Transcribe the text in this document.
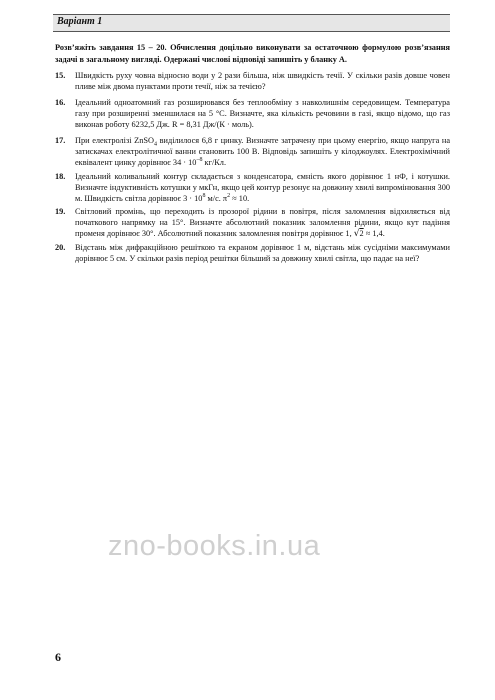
Варіант 1
Розв’яжіть завдання 15 – 20. Обчислення доцільно виконувати за остаточною формулою розв’язання задачі в загальному вигляді. Одержані числові відповіді запишіть у бланку А.
15.	Швидкість руху човна відносно води у 2 рази більша, ніж швидкість течії. У скільки разів довше човен пливе між двома пунктами проти течії, ніж за течією?
16.	Ідеальний одноатомний газ розширювався без теплообміну з навколишнім середовищем. Температура газу при розширенні зменшилася на 5 °С. Визначте, яка кількість речовини в газі, якщо відомо, що газ виконав роботу 6232,5 Дж. R = 8,31 Дж/(К · моль).
17.	При електролізі ZnSO$_4$ виділилося 6,8 г цинку. Визначте затрачену при цьому енергію, якщо напруга на затискачах електролітичної ванни становить 100 В. Відповідь запишіть у кілоджоулях. Електрохімічний еквівалент цинку дорівнює $34 \cdot 10^{-8}$ кг/Кл.
18.	Ідеальний коливальний контур складається з конденсатора, ємність якого дорівнює 1 нФ, і котушки. Визначте індуктивність котушки у мкГн, якщо цей контур резонує на довжину хвилі випромінювання 300 м. Швидкість світла дорівнює $3 \cdot 10^8$ м/с. $\pi^2 \approx 10$.
19.	Світловий промінь, що переходить із прозорої рідини в повітря, після заломлення відхиляється від початкового напрямку на 15°. Визначте абсолютний показник заломлення рідини, якщо кут падіння променя дорівнює 30°. Абсолютний показник заломлення повітря дорівнює 1, √2 ≈ 1,4.
20.	Відстань між дифракційною решіткою та екраном дорівнює 1 м, відстань між сусідніми максимумами дорівнює 5 см. У скільки разів період решітки більший за довжину хвилі світла, що падає на неї?
zno-books.in.ua
6
